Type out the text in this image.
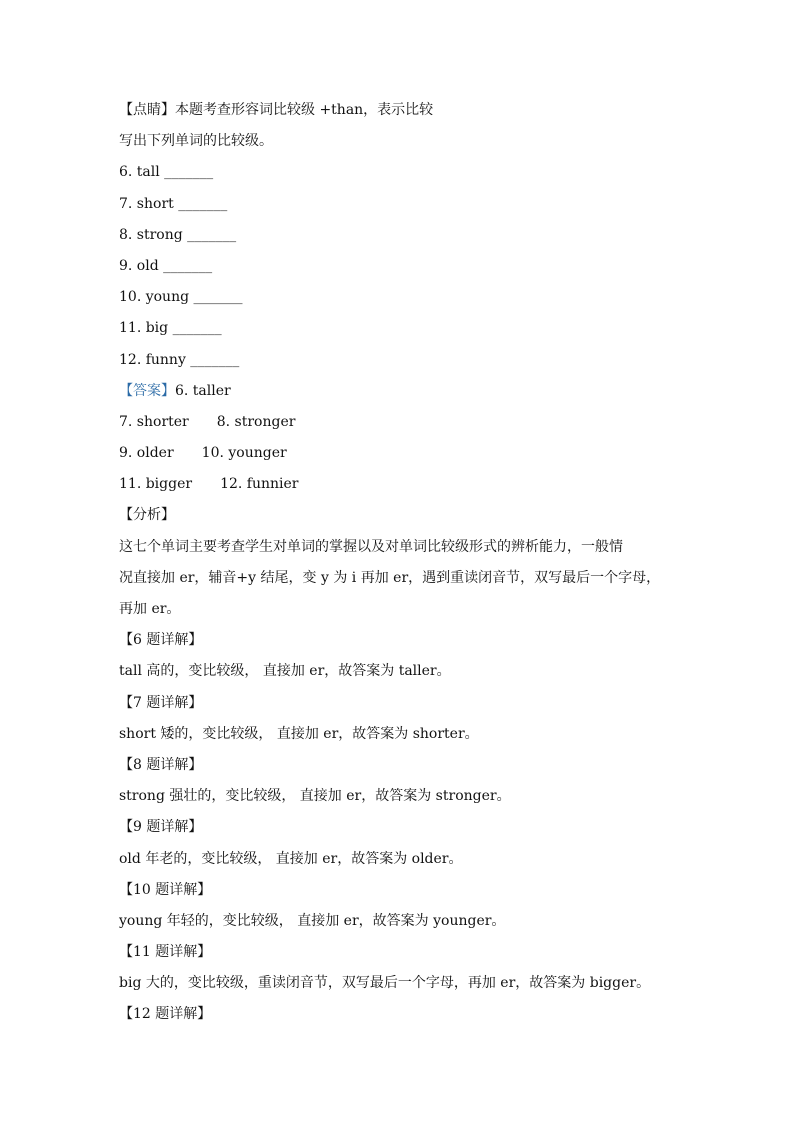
【点睛】本题考查形容词比较级 +than，表示比较
写出下列单词的比较级。
6. tall _______
7. short _______
8. strong _______
9. old _______
10. young _______
11. big _______
12. funny _______
【答案】6. taller
7. shorter 8. stronger
9. older 10. younger
11. bigger 12. funnier
【分析】
这七个单词主要考查学生对单词的掌握以及对单词比较级形式的辨析能力，一般情
况直接加 er，辅音+y 结尾，变 y 为 i 再加 er，遇到重读闭音节，双写最后一个字母，
再加 er。
【6 题详解】
tall 高的，变比较级， 直接加 er，故答案为 taller。
【7 题详解】
short 矮的，变比较级， 直接加 er，故答案为 shorter。
【8 题详解】
strong 强壮的，变比较级， 直接加 er，故答案为 stronger。
【9 题详解】
old 年老的，变比较级， 直接加 er，故答案为 older。
【10 题详解】
young 年轻的，变比较级， 直接加 er，故答案为 younger。
【11 题详解】
big 大的，变比较级，重读闭音节，双写最后一个字母，再加 er，故答案为 bigger。
【12 题详解】
